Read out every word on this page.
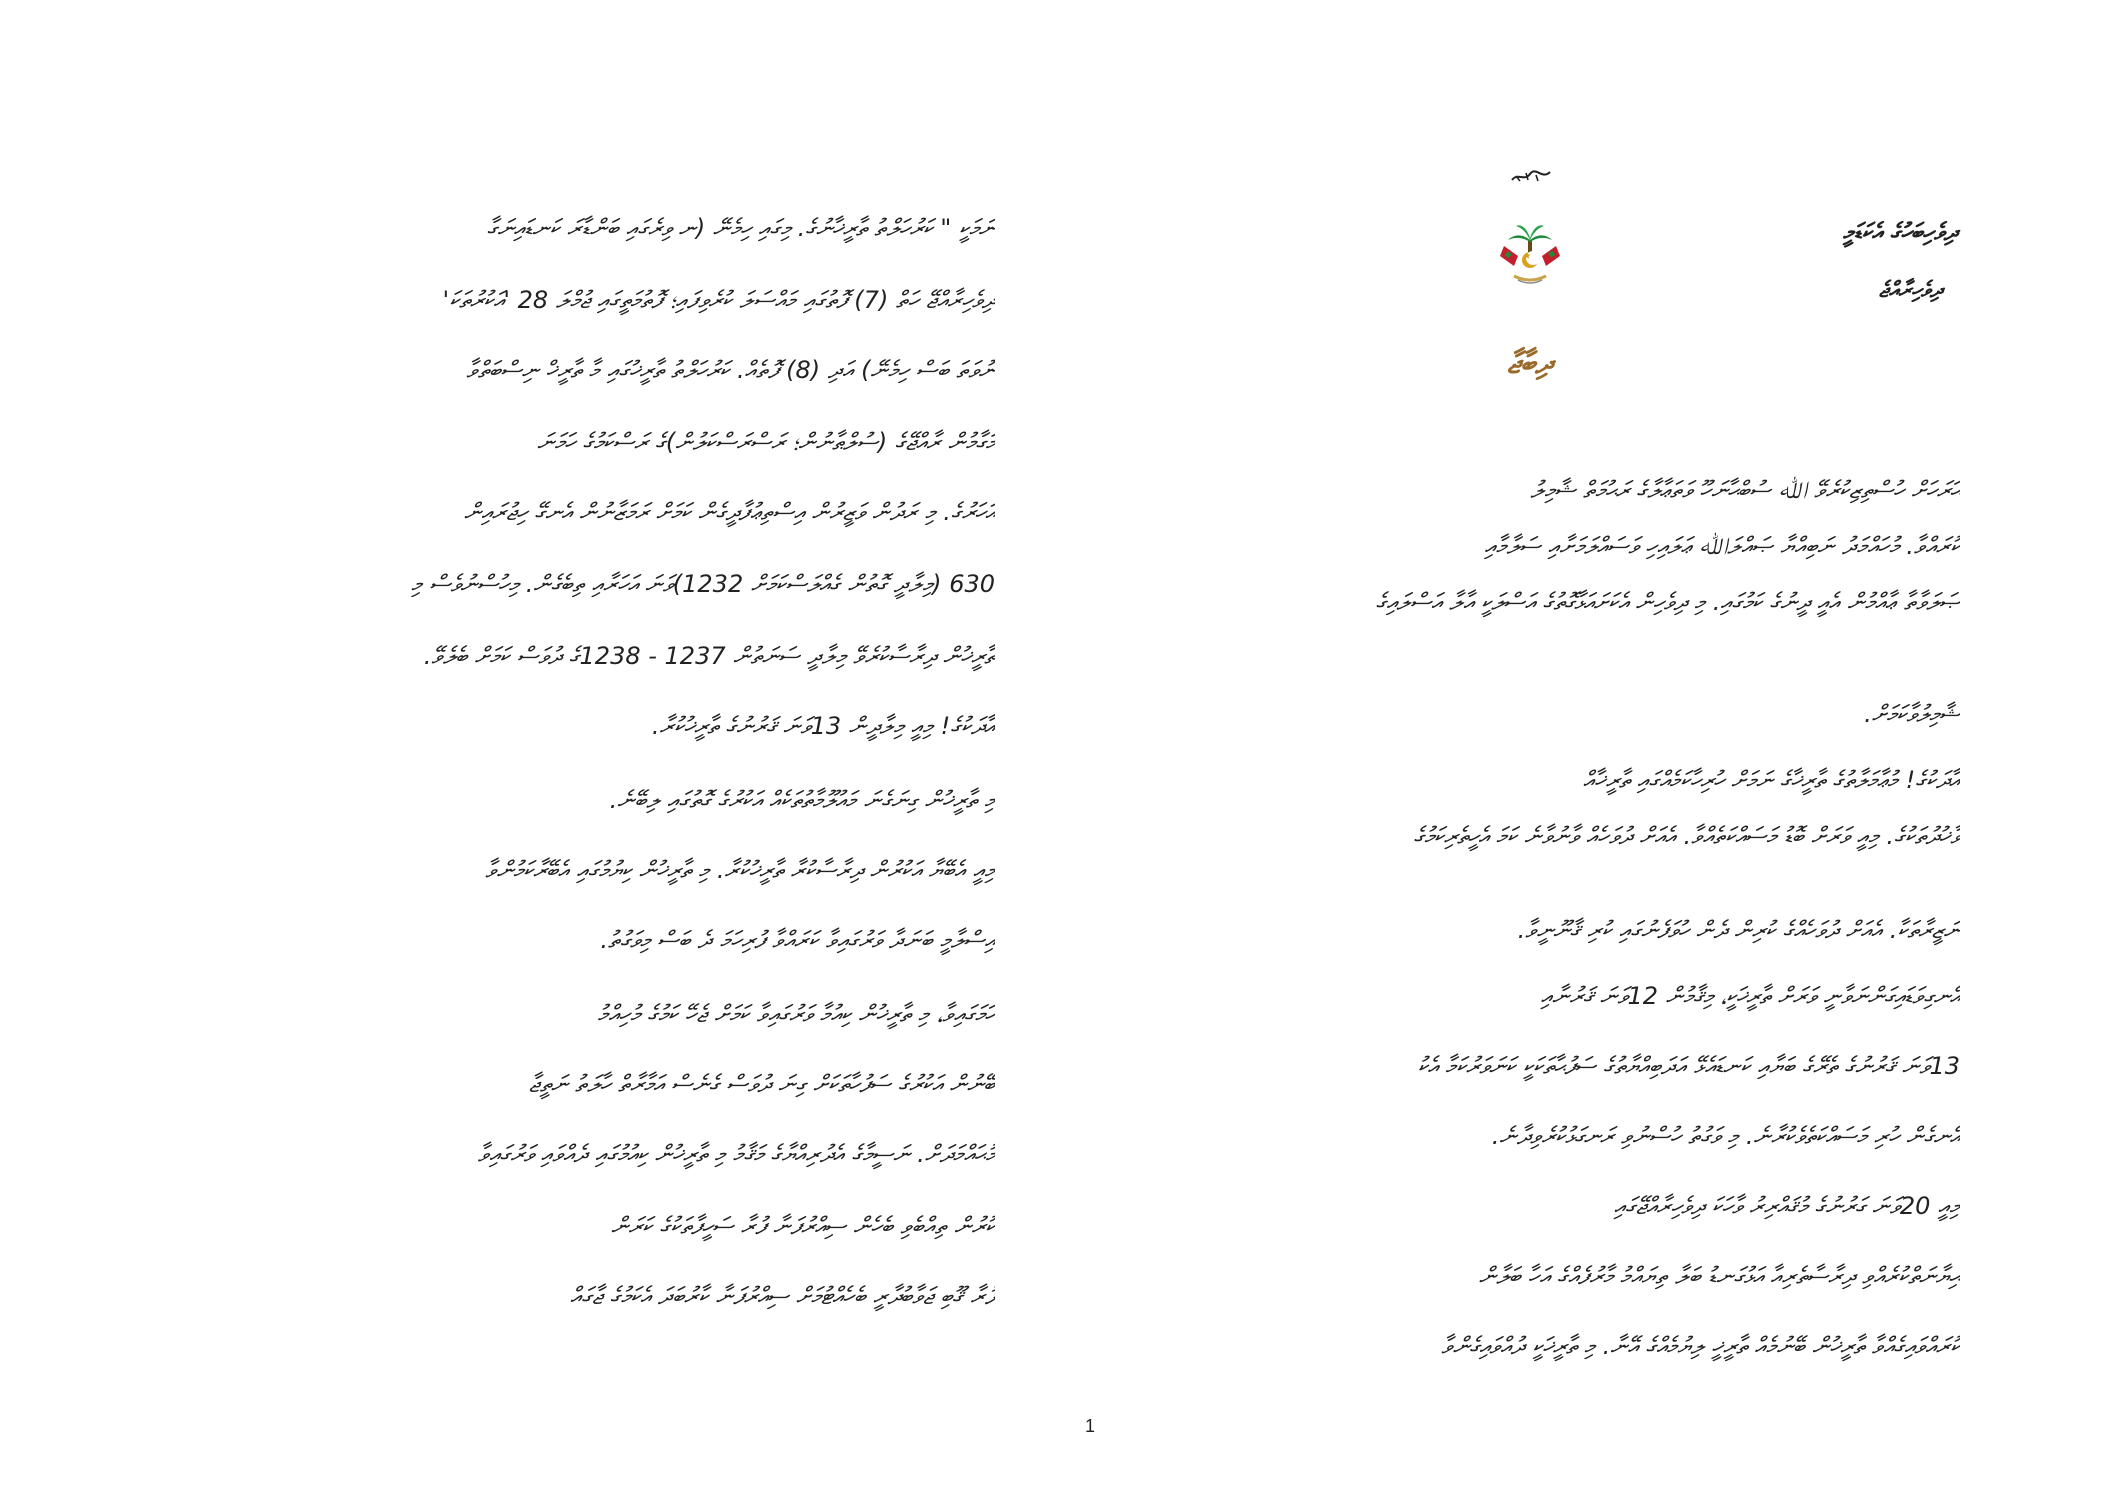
ދިވެހިބަހުގެ އެކަޑަމީ
ދިވެހިރާއްޖެ
ދިބާޖާ
ޙަރަހަށް ހުސްތިޒިކުރެވޭ ﷲ ސުބްޙާނަހޫ ވަތަޢާލާގެ ރަޙުމަތް ޝާމިލު
ކުރައްވާ. މުހައްމަދު ނަބިއްޔާ ޞައްލަﷲ ޢަލައިހި ވަސައްލަމަށާއި ސަލާމާއި
ޞަލަވާތާ ޢާއްމުން އެއީ ދީނުގެ ކަމުގައި. މި ދިވެހިން އެކަށައަޅާގޮތުގެ އަސްލަކީ އާލާ އަސްލައިގެ
ޝާމިލުވާކަމަށް.
އާދަކުގެ! މުޢާމަލާތުގެ ތާރީޚާގެ ނަމަށް ހުރިހާކަމެއްގައި ތާރީޚާއް
ވާޚުދުތަކުގެ. މިއީ ވަރަށް ބޮޑު މަސައްކަތެއްވާ. އެއަށް ދުވަހެއް ވާނުވާނެ ކަމަ އެހީތެރިކަމުގެ
ނަޒީރާތަކާ. އެއަށް ދުވަހެއްގެ ކުރިން ދެން ހުވަފެނުގައި ކުރި ޤާނޫނީވާ.
އެނގިވަޑައިގަންނަވާނީ ވަރަށް ތާރީޚަކީ، މިޤާމުން 12ވަނަ ޤަރުނާއި
13ވަނަ ޤަރުނުގެ ތެރޭގެ ބަޔާއި ކަނޑައެޅޭ އަދަބިއްޔާތުގެ ސަފުޙާތަކަކީ ކަނަވަރުކަމާ އެކު
އެނގެން ހުރި މަސައްކަތެވެކުރާނެ. މި ވަގުތު ހުސްނުވި ރަނގަޅުކުރެވިދާނެ.
މިއީ 20ވަނަ ގަރުނުގެ މުޤައްރިރު ވާހަކަ ދިވެހިރާއްޖޭގައި
ޙިޔާނަތްކުރެއްވި ދިރާސާތެރިއާ އަޅުގަނޑު ބަލާ ތިޔައްމު މާރުފެއްގެ އަހާ ބަލާން
ކުރައްވައިގެއްވާ ތާރީޚުން ބޭނުމެއް ތާރީޚީ ލިޔުމެއްގެ އޭނާ. މި ތާރީޚަކީ ދުއްވައިގެންވާ
ނަމަކީ " ކަރުހަލްތު ތާރީޚާނުގެ. މިގައި ހިމެނޭ (ނ ވިރެގައި ބަންޑާރަ ކަނޑައިނަގާ
ދިވެހިރާއްޖޭ ހަތް (7) ފޮތުގައި މައްސަލަ ކުރެވިފައި؛ ފޮތުމަތީގައި ޖުމްލަ 28 'އަކުރުތަކަ'
ނުވަތަ ބަސް ހިމެނޭ) އަދި (8) ފޮތެއް. ކަރުހަލްތު ތާރީޚުގައި މާ ތާރީޚް ނިސްބަތްވާ
މަގާމުން ރާއްޖޭގެ (ސުލްޠާނުން؛ ރަސްރަސްކަލުން)ގެ ރަސްކަމުގެ ހަމަނަ
އަހަރުގެ. މި ރަދުން ވަޒީރުން އިސްތިޢުފާދީގެން ކަމަށް ރަމަޒާނުން އެނގޭ ހިޖުރައިން
630 (މިލާދީ ގޮތުން ގެއްލަސްކަމަށް 1232)ވަނަ އަހަރާއި ތިބެގެން. މިހުސްނުވެސް މި
ތާރީޚުން ދިރާސާކުރެވޭ މިލާދީ ސަނަތުން 1237 - 1238ގެ ދުވަސް ކަމަށް ބެލެވޭ.
އާދަކުގެ! މިއީ މިލާދީން 13ވަނަ ޤަރުނުގެ ތާރީޚުކުރާ.
މި ތާރީޚުން ގިނަގެނަ މައުލޫމާތުތަކެއް އަކުރުގެ ގޮތުގައި ލިބޭނެ.
މިއީ އެބޭޔާ އަކުރުން ދިރާސާކުރާ ތާރީޚުކުރާ. މި ތާރީޚުން ކިޔުމުގައި އެބޭރާކަމުންވާ
އިސްލާމީ ބަނަދާ ވަރުގައިވާ ކަރައްވާ ފުރިހަމަ ދެ ބަސް މިވަގުތު.
ހަމަގައިވާ، މި ތާރީޚުން ކިއުމާ ވަރުގައިވާ ކަމަށް ޖެހޭ ކަމުގެ މުހިއްމު
ބޭނުން އަކުރުގެ ސަފުހާތަކަށް ގިނަ ދުވަސް ގެނެސް އަމާރާތް ހާލަތު ނަތީޖާ
މުޙައްމަދަށް. ނަސީމާގެ އެދުރިއްޔާގެ މަޤާމު މި ތާރީޚުން ކިއުމުގައި ދެއްވައި ވަރުގައިވާ
ކުރުން ތިއްބެވި ބެހެން ސިއްރުފަނާ ފުރާ ސަހީފާތަކުގެ ކަރަން
ފުރާ ޤޫބި ޖަވާބުދާރީ ބެހެއްޓުމަށް ސިއްރުފަނާ ކާރުބަދަ އެކަމުގެ ޖާގައް
1
